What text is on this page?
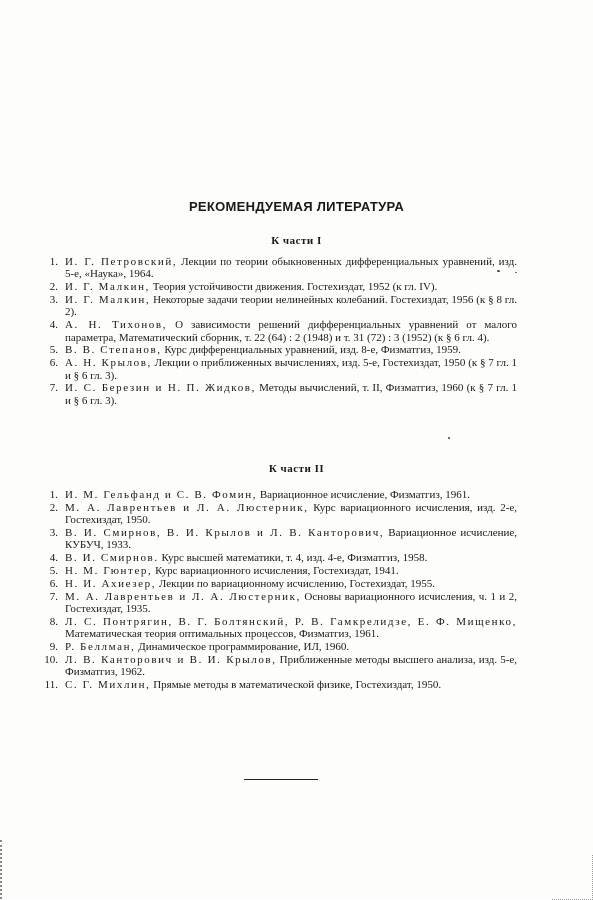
РЕКОМЕНДУЕМАЯ ЛИТЕРАТУРА
К части I
1. И. Г. Петровский, Лекции по теории обыкновенных дифференциальных уравнений, изд. 5-е, «Наука», 1964.
2. И. Г. Малкин, Теория устойчивости движения. Гостехиздат, 1952 (к гл. IV).
3. И. Г. Малкин, Некоторые задачи теории нелинейных колебаний. Гостехиздат, 1956 (к § 8 гл. 2).
4. А. Н. Тихонов, О зависимости решений дифференциальных уравнений от малого параметра, Математический сборник, т. 22 (64) : 2 (1948) и т. 31 (72) : 3 (1952) (к § 6 гл. 4).
5. В. В. Степанов, Курс дифференциальных уравнений, изд. 8-е, Физматгиз, 1959.
6. А. Н. Крылов, Лекции о приближенных вычислениях, изд. 5-е, Гостехиздат, 1950 (к § 7 гл. 1 и § 6 гл. 3).
7. И. С. Березин и Н. П. Жидков, Методы вычислений, т. II, Физматгиз, 1960 (к § 7 гл. 1 и § 6 гл. 3).
К части II
1. И. М. Гельфанд и С. В. Фомин, Вариационное исчисление, Физматгиз, 1961.
2. М. А. Лаврентьев и Л. А. Люстерник, Курс вариационного исчисления, изд. 2-е, Гостехиздат, 1950.
3. В. И. Смирнов, В. И. Крылов и Л. В. Канторович, Вариационное исчисление, КУБУЧ, 1933.
4. В. И. Смирнов. Курс высшей математики, т. 4, изд. 4-е, Физматгиз, 1958.
5. Н. М. Гюнтер, Курс вариационного исчисления, Гостехиздат, 1941.
6. Н. И. Ахиезер, Лекции по вариационному исчислению, Гостехиздат, 1955.
7. М. А. Лаврентьев и Л. А. Люстерник, Основы вариационного исчисления, ч. 1 и 2, Гостехиздат, 1935.
8. Л. С. Понтрягин, В. Г. Болтянский, Р. В. Гамкрелидзе, Е. Ф. Мищенко, Математическая теория оптимальных процессов, Физматгиз, 1961.
9. Р. Беллман, Динамическое программирование, ИЛ, 1960.
10. Л. В. Канторович и В. И. Крылов, Приближенные методы высшего анализа, изд. 5-е, Физматгиз, 1962.
11. С. Г. Михлин, Прямые методы в математической физике, Гостехиздат, 1950.
